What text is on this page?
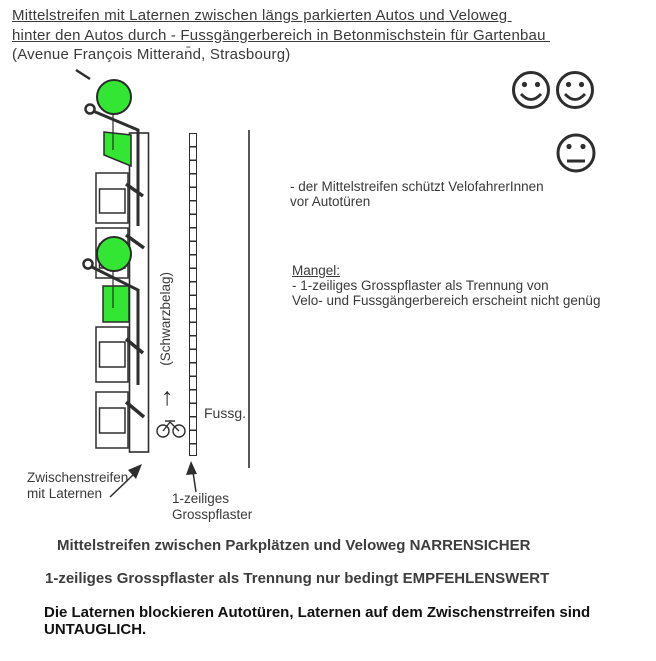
Mittelstreifen mit Laternen zwischen längs parkierten Autos und Veloweg
hinter den Autos durch - Fussgängerbereich in Betonmischstein für Gartenbau
(Avenue François Mitteran̄d, Strasbourg)
(Schwarzbelag)
↑
Fussg.
Zwischenstreifen
mit Laternen	1-zeiliges
Grosspflaster
- der Mittelstreifen schützt VelofahrerInnen
vor Autotüren
Mangel:
- 1-zeiliges Grosspflaster als Trennung von
Velo- und Fussgängerbereich erscheint nicht genüg
Mittelstreifen zwischen Parkplätzen und Veloweg NARRENSICHER
1-zeiliges Grosspflaster als Trennung nur bedingt EMPFEHLENSWERT
Die Laternen blockieren Autotüren, Laternen auf dem Zwischenstrreifen sind
UNTAUGLICH.
